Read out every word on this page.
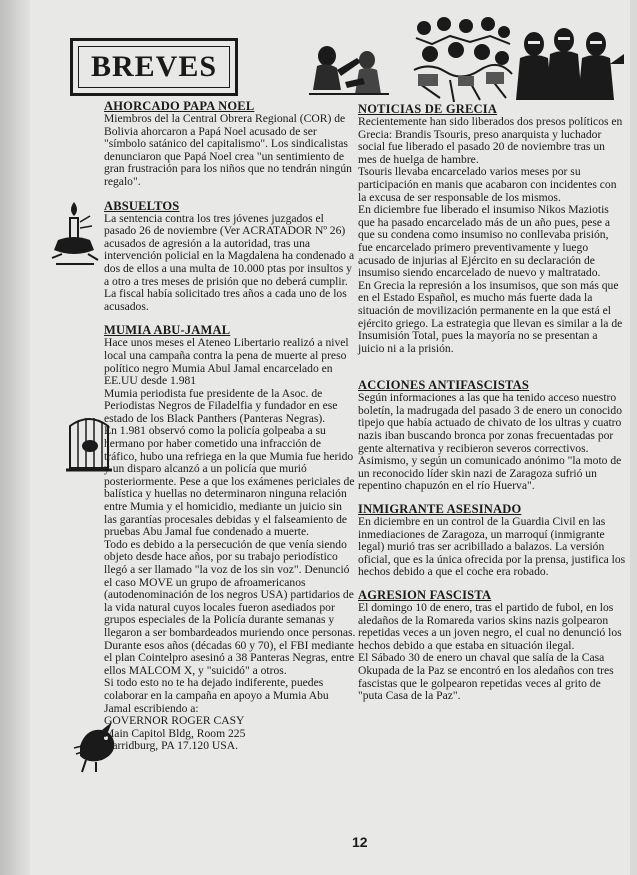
BREVES
AHORCADO PAPA NOEL

Miembros del la Central Obrera Regional (COR) de Bolivia ahorcaron a Papá Noel acusado de ser "símbolo satánico del capitalismo". Los sindicalistas denunciaron que Papá Noel crea "un sentimiento de gran frustración para los niños que no tendrán ningún regalo".

ABSUELTOS

La sentencia contra los tres jóvenes juzgados el pasado 26 de noviembre (Ver ACRATADOR Nº 26) acusados de agresión a la autoridad, tras una intervención policial en la Magdalena ha condenado a dos de ellos a una multa de 10.000 ptas por insultos y a otro a tres meses de prisión que no deberá cumplir. La fiscal había solicitado tres años a cada uno de los acusados.

MUMIA ABU-JAMAL

Hace unos meses el Ateneo Libertario realizó a nivel local una campaña contra la pena de muerte al preso político negro Mumia Abul Jamal encarcelado en EE.UU desde 1.981

Mumia periodista fue presidente de la Asoc. de Periodistas Negros de Filadelfia y fundador en ese estado de los Black Panthers (Panteras Negras).

En 1.981 observó como la policía golpeaba a su hermano por haber cometido una infracción de tráfico, hubo una refriega en la que Mumia fue herido y un disparo alcanzó a un policía que murió posteriormente. Pese a que los exámenes periciales de balística y huellas no determinaron ninguna relación entre Mumia y el homicidio, mediante un juicio sin las garantías procesales debidas y el falseamiento de pruebas Abu Jamal fue condenado a muerte.

Todo es debido a la persecución de que venía siendo objeto desde hace años, por su trabajo periodístico llegó a ser llamado "la voz de los sin voz". Denunció el caso MOVE un grupo de afroamericanos (autodenominación de los negros USA) partidarios de la vida natural cuyos locales fueron asediados por grupos especiales de la Policía durante semanas y llegaron a ser bombardeados muriendo once personas.

Durante esos años (décadas 60 y 70), el FBI mediante el plan Cointelpro asesinó a 38 Panteras Negras, entre ellos MALCOM X, y "suicidó" a otros.

Si todo esto no te ha dejado indiferente, puedes colaborar en la campaña en apoyo a Mumia Abu Jamal escribiendo a:

GOVERNOR ROGER CASY

Main Capitol Bldg, Room 225

Harridburg, PA 17.120 USA.

NOTICIAS DE GRECIA

Recientemente han sido liberados dos presos políticos en Grecia: Brandis Tsouris, preso anarquista y luchador social fue liberado el pasado 20 de noviembre tras un mes de huelga de hambre.

Tsouris llevaba encarcelado varios meses por su participación en manis que acabaron con incidentes con la excusa de ser responsable de los mismos.

En diciembre fue liberado el insumiso Nikos Maziotis que ha pasado encarcelado más de un año pues, pese a que su condena como insumiso no conllevaba prisión, fue encarcelado primero preventivamente y luego acusado de injurias al Ejército en su declaración de insumiso siendo encarcelado de nuevo y maltratado.

En Grecia la represión a los insumisos, que son más que en el Estado Español, es mucho más fuerte dada la situación de movilización permanente en la que está el ejército griego. La estrategia que llevan es similar a la de Insumisión Total, pues la mayoría no se presentan a juicio ni a la prisión.

ACCIONES ANTIFASCISTAS

Según informaciones a las que ha tenido acceso nuestro boletín, la madrugada del pasado 3 de enero un conocido tipejo que había actuado de chivato de los ultras y cuatro nazis iban buscando bronca por zonas frecuentadas por gente alternativa y recibieron severos correctivos.

Asimismo, y según un comunicado anónimo "la moto de un reconocido líder skin nazi de Zaragoza sufrió un repentino chapuzón en el río Huerva".

INMIGRANTE ASESINADO

En diciembre en un control de la Guardia Civil en las inmediaciones de Zaragoza, un marroquí (inmigrante legal) murió tras ser acribillado a balazos. La versión oficial, que es la única ofrecida por la prensa, justifica los hechos debido a que el coche era robado.

AGRESION FASCISTA

El domingo 10 de enero, tras el partido de fubol, en los aledaños de la Romareda varios skins nazis golpearon repetidas veces a un joven negro, el cual no denunció los hechos debido a que estaba en situación ilegal.

El Sábado 30 de enero un chaval que salía de la Casa Okupada de la Paz se encontró en los aledaños con tres fascistas que le golpearon repetidas veces al grito de "puta Casa de la Paz".

12
